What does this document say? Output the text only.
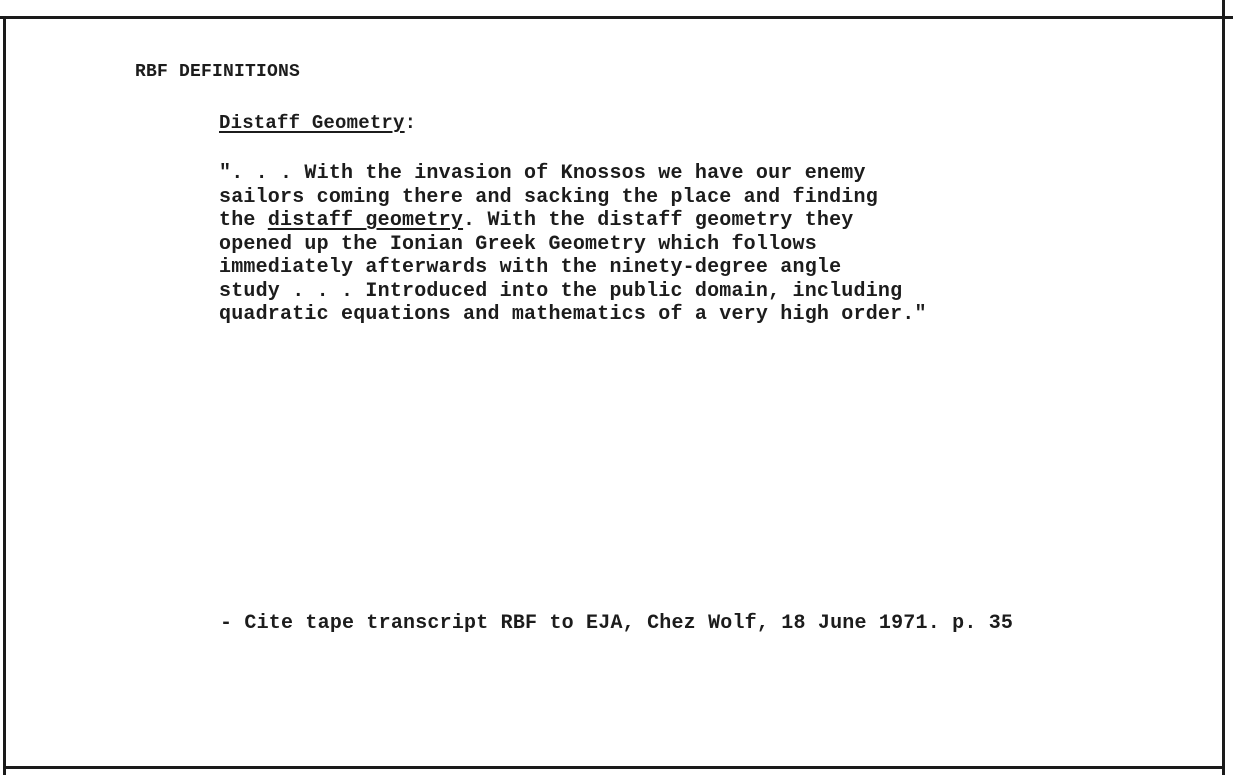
RBF DEFINITIONS
Distaff Geometry:
". . . With the invasion of Knossos we have our enemy
sailors coming there and sacking the place and finding
the distaff geometry. With the distaff geometry they
opened up the Ionian Greek Geometry which follows
immediately afterwards with the ninety-degree angle
study . . . Introduced into the public domain, including
quadratic equations and mathematics of a very high order."
- Cite tape transcript RBF to EJA, Chez Wolf, 18 June 1971. p. 35
